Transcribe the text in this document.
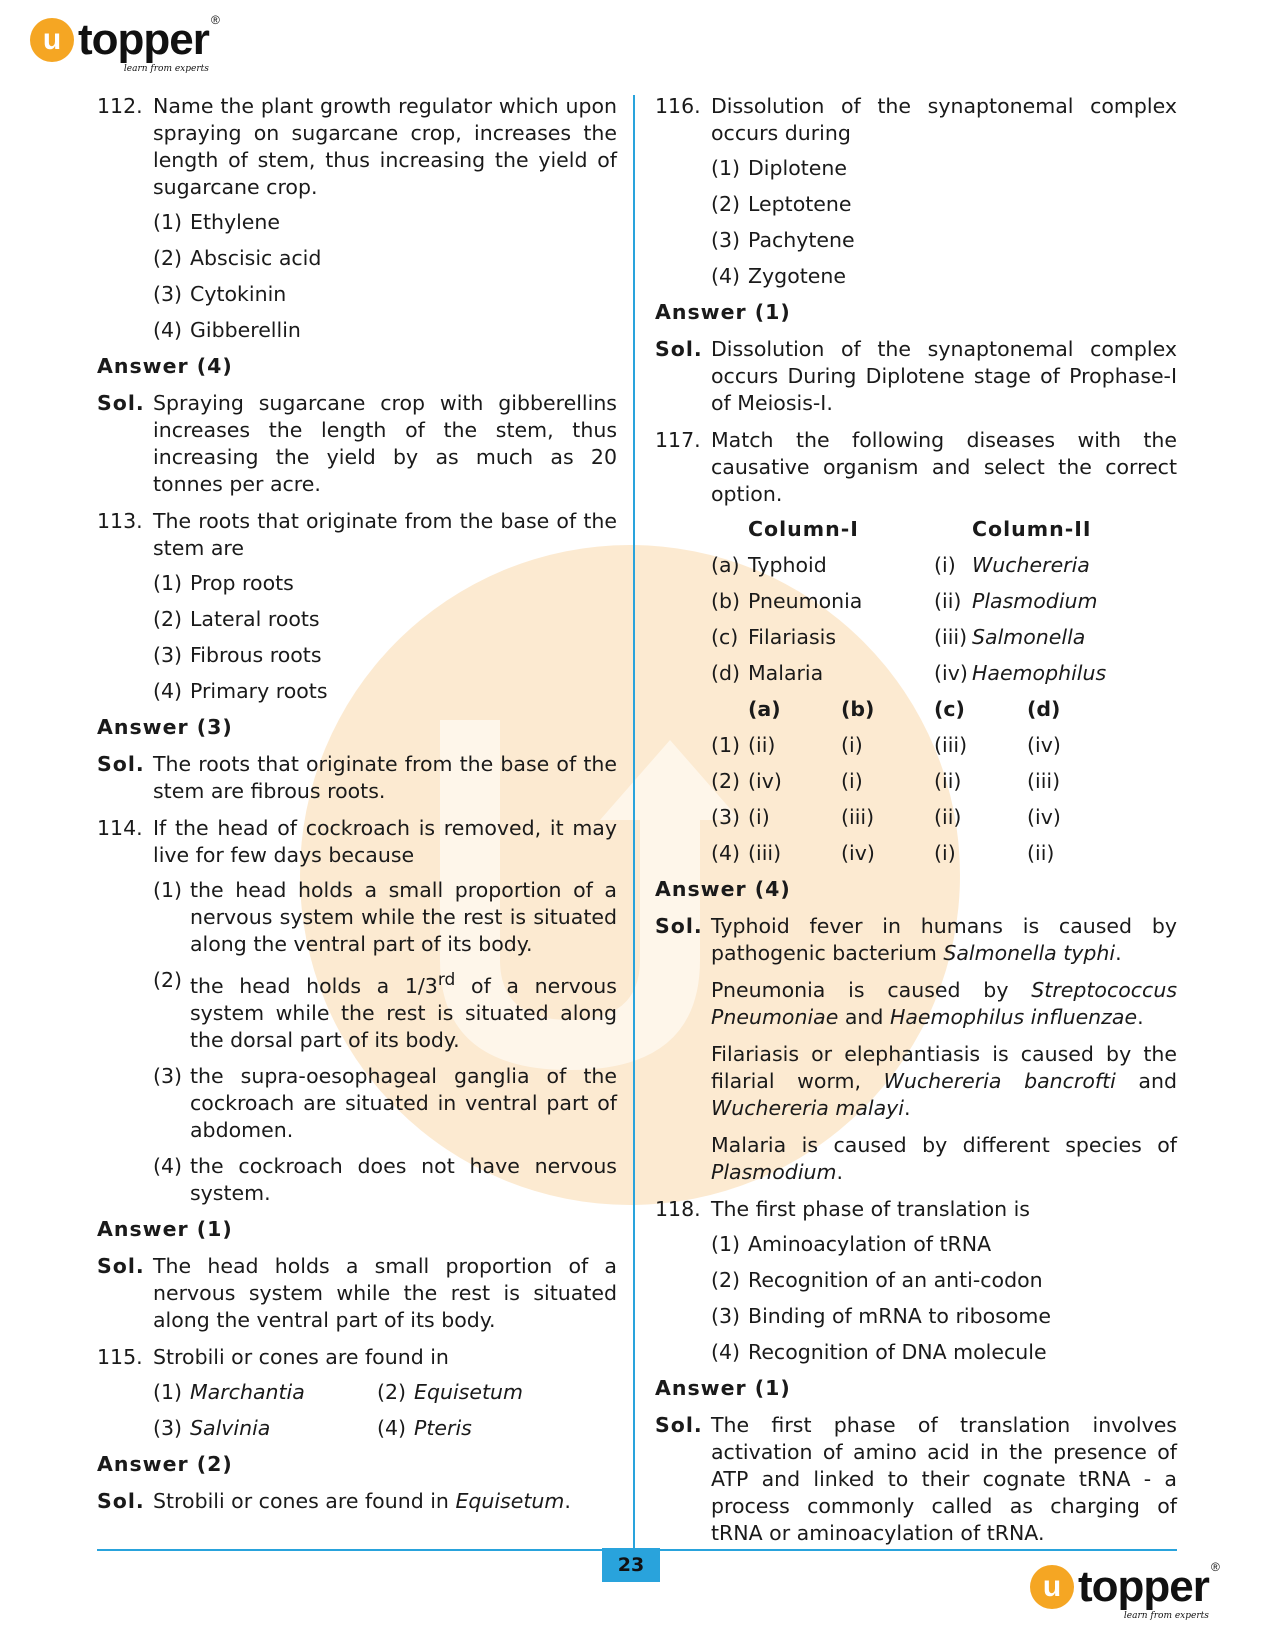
u topper ®
learn from experts
112. Name the plant growth regulator which upon spraying on sugarcane crop, increases the length of stem, thus increasing the yield of sugarcane crop.
(1) Ethylene
(2) Abscisic acid
(3) Cytokinin
(4) Gibberellin
Answer (4)
Sol. Spraying sugarcane crop with gibberellins increases the length of the stem, thus increasing the yield by as much as 20 tonnes per acre.
113. The roots that originate from the base of the stem are
(1) Prop roots
(2) Lateral roots
(3) Fibrous roots
(4) Primary roots
Answer (3)
Sol. The roots that originate from the base of the stem are fibrous roots.
114. If the head of cockroach is removed, it may live for few days because
(1) the head holds a small proportion of a nervous system while the rest is situated along the ventral part of its body.
(2) the head holds a 1/3rd of a nervous system while the rest is situated along the dorsal part of its body.
(3) the supra-oesophageal ganglia of the cockroach are situated in ventral part of abdomen.
(4) the cockroach does not have nervous system.
Answer (1)
Sol. The head holds a small proportion of a nervous system while the rest is situated along the ventral part of its body.
115. Strobili or cones are found in
(1) Marchantia	(2) Equisetum
(3) Salvinia	(4) Pteris
Answer (2)
Sol. Strobili or cones are found in Equisetum.
116. Dissolution of the synaptonemal complex occurs during
(1) Diplotene
(2) Leptotene
(3) Pachytene
(4) Zygotene
Answer (1)
Sol. Dissolution of the synaptonemal complex occurs During Diplotene stage of Prophase-I of Meiosis-I.
117. Match the following diseases with the causative organism and select the correct option.
Column-I	Column-II
(a) Typhoid	(i) Wuchereria
(b) Pneumonia	(ii) Plasmodium
(c) Filariasis	(iii) Salmonella
(d) Malaria	(iv) Haemophilus
(a)	(b)	(c)	(d)
(1) (ii)	(i)	(iii)	(iv)
(2) (iv)	(i)	(ii)	(iii)
(3) (i)	(iii)	(ii)	(iv)
(4) (iii)	(iv)	(i)	(ii)
Answer (4)
Sol. Typhoid fever in humans is caused by pathogenic bacterium Salmonella typhi.
Pneumonia is caused by Streptococcus Pneumoniae and Haemophilus influenzae.
Filariasis or elephantiasis is caused by the filarial worm, Wuchereria bancrofti and Wuchereria malayi.
Malaria is caused by different species of Plasmodium.
118. The first phase of translation is
(1) Aminoacylation of tRNA
(2) Recognition of an anti-codon
(3) Binding of mRNA to ribosome
(4) Recognition of DNA molecule
Answer (1)
Sol. The first phase of translation involves activation of amino acid in the presence of ATP and linked to their cognate tRNA - a process commonly called as charging of tRNA or aminoacylation of tRNA.
23
u topper ®
learn from experts
